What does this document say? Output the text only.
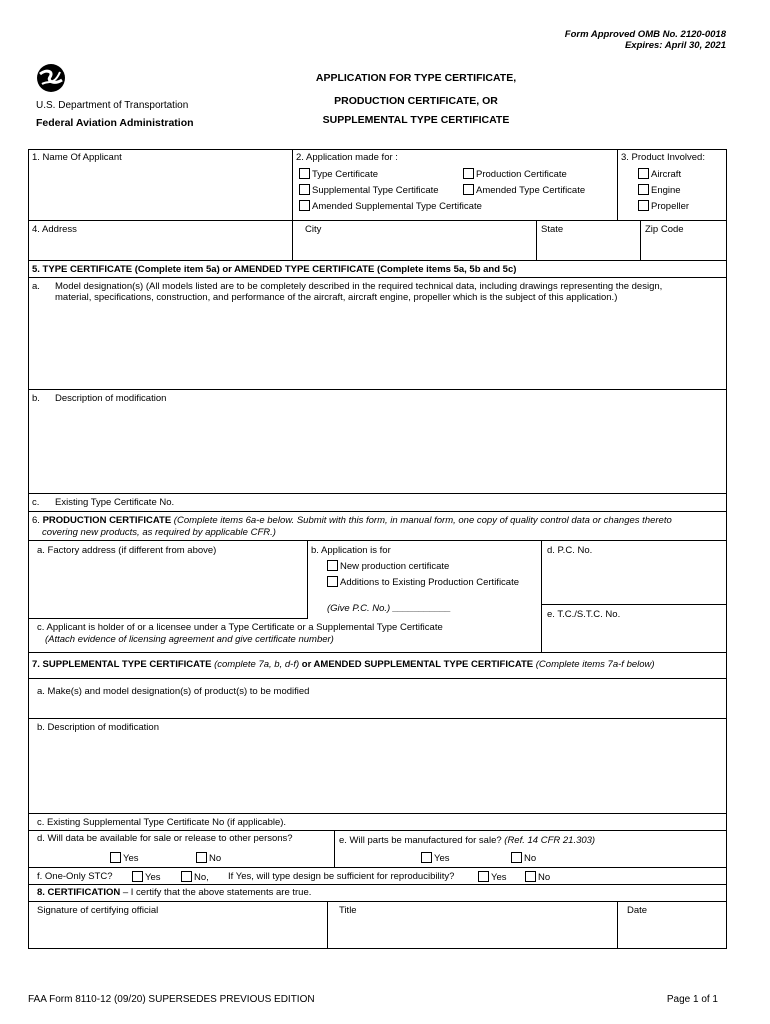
Form Approved OMB No. 2120-0018
Expires: April 30, 2021
U.S. Department of Transportation
Federal Aviation Administration
APPLICATION FOR TYPE CERTIFICATE,
PRODUCTION CERTIFICATE, OR
SUPPLEMENTAL TYPE CERTIFICATE
1. Name Of Applicant	2. Application made for :
Type Certificate	Production Certificate
Supplemental Type Certificate	Amended Type Certificate
Amended Supplemental Type Certificate
3. Product Involved:
Aircraft
Engine
Propeller
4. Address	City	State	Zip Code
5. TYPE CERTIFICATE (Complete item 5a) or AMENDED TYPE CERTIFICATE (Complete items 5a, 5b and 5c)
a. Model designation(s) (All models listed are to be completely described in the required technical data, including drawings representing the design,
material, specifications, construction, and performance of the aircraft, aircraft engine, propeller which is the subject of this application.)
b. Description of modification
c. Existing Type Certificate No.
6. PRODUCTION CERTIFICATE (Complete items 6a-e below. Submit with this form, in manual form, one copy of quality control data or changes thereto
covering new products, as required by applicable CFR.)
a. Factory address (if different from above)	b. Application is for
New production certificate
Additions to Existing Production Certificate
(Give P.C. No.) ___________
d. P.C. No.
e. T.C./S.T.C. No.
c. Applicant is holder of or a licensee under a Type Certificate or a Supplemental Type Certificate
(Attach evidence of licensing agreement and give certificate number)
7. SUPPLEMENTAL TYPE CERTIFICATE (complete 7a, b, d-f) or AMENDED SUPPLEMENTAL TYPE CERTIFICATE (Complete items 7a-f below)
a. Make(s) and model designation(s) of product(s) to be modified
b. Description of modification
c. Existing Supplemental Type Certificate No (if applicable).
d. Will data be available for sale or release to other persons?	e. Will parts be manufactured for sale? (Ref. 14 CFR 21.303)
Yes	No	Yes	No
f. One-Only STC?	Yes	No, If Yes, will type design be sufficient for reproducibility?	Yes	No
8. CERTIFICATION – I certify that the above statements are true.
Signature of certifying official	Title	Date
FAA Form 8110-12 (09/20) SUPERSEDES PREVIOUS EDITION	Page 1 of 1
